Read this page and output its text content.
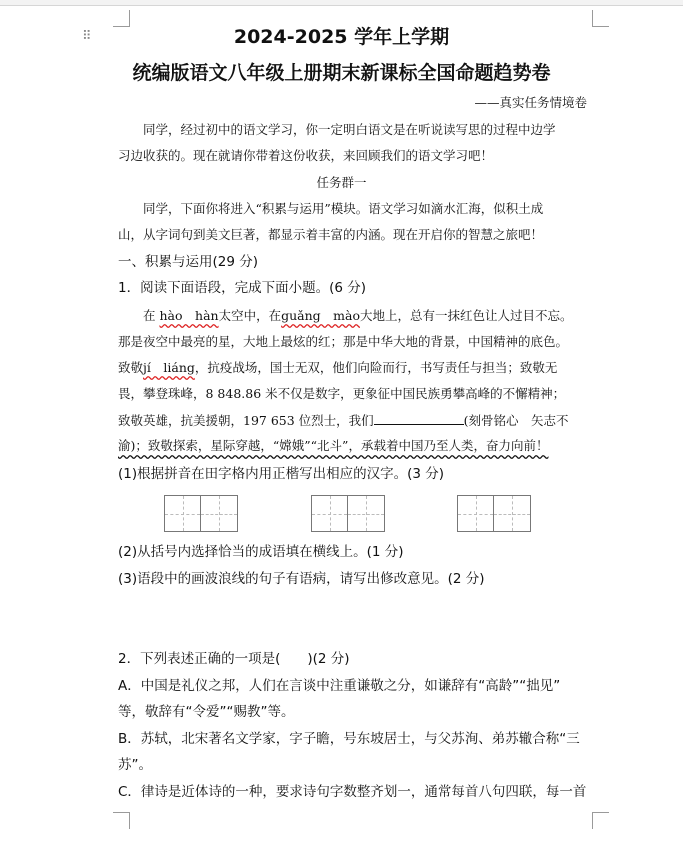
⠿	2024-2025 学年上学期
统编版语文八年级上册期末新课标全国命题趋势卷
——真实任务情境卷
同学，经过初中的语文学习，你一定明白语文是在听说读写思的过程中边学
习边收获的。现在就请你带着这份收获，来回顾我们的语文学习吧！
任务群一
同学，下面你将进入“积累与运用”模块。语文学习如滴水汇海，似积土成
山，从字词句到美文巨著，都显示着丰富的内涵。现在开启你的智慧之旅吧！
一、积累与运用(29 分)
1．阅读下面语段，完成下面小题。(6 分)
在 hào　hàn太空中，在guǎng　mào大地上，总有一抹红色让人过目不忘。
那是夜空中最亮的星，大地上最炫的红；那是中华大地的背景，中国精神的底色。
致敬jí　liáng，抗疫战场，国士无双，他们向险而行，书写责任与担当；致敬无
畏，攀登珠峰，8 848.86 米不仅是数字，更象征中国民族勇攀高峰的不懈精神；
致敬英雄，抗美援朝，197 653 位烈士，我们	(刻骨铭心　矢志不
渝)；致敬探索，星际穿越，“嫦娥”“北斗”，承载着中国乃至人类，奋力向前！
(1)根据拼音在田字格内用正楷写出相应的汉字。(3 分)
(2)从括号内选择恰当的成语填在横线上。(1 分)
(3)语段中的画波浪线的句子有语病，请写出修改意见。(2 分)
2．下列表述正确的一项是(　　)(2 分)
A．中国是礼仪之邦，人们在言谈中注重谦敬之分，如谦辞有“高龄”“拙见”
等，敬辞有“令爱”“赐教”等。
B．苏轼，北宋著名文学家，字子瞻，号东坡居士，与父苏洵、弟苏辙合称“三
苏”。
C．律诗是近体诗的一种，要求诗句字数整齐划一，通常每首八句四联，每一首
